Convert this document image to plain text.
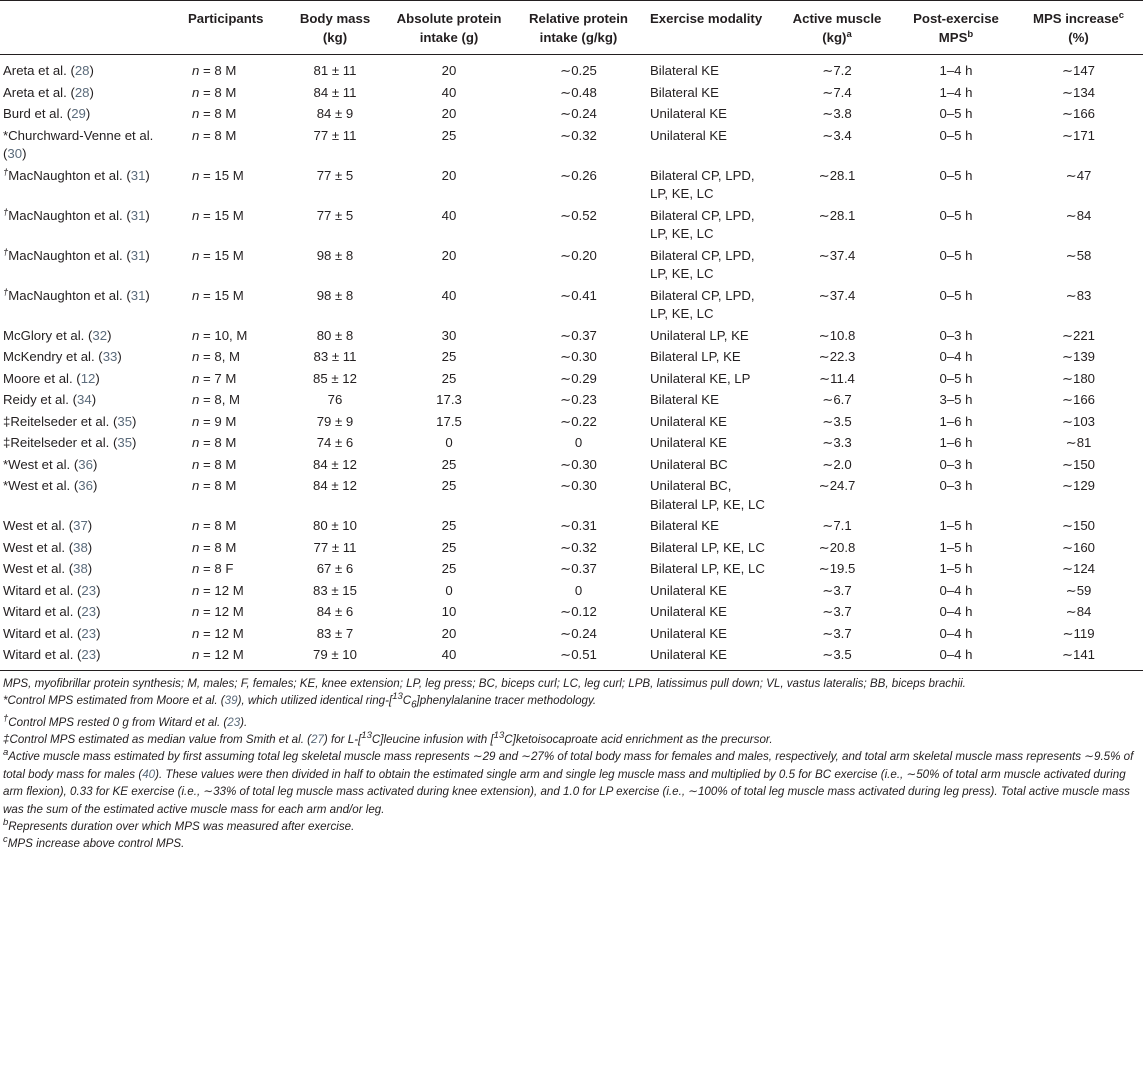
	Participants	Body mass (kg)	Absolute protein intake (g)	Relative protein intake (g/kg)	Exercise modality	Active muscle (kg)$^a$	Post-exercise MPS$^b$	MPS increase$^c$
(%)
Areta et al. (28)	n = 8 M	81 ± 11	20	∼0.25	Bilateral KE	∼7.2	1–4 h	∼147
Areta et al. (28)	n = 8 M	84 ± 11	40	∼0.48	Bilateral KE	∼7.4	1–4 h	∼134
Burd et al. (29)	n = 8 M	84 ± 9	20	∼0.24	Unilateral KE	∼3.8	0–5 h	∼166
*Churchward-Venne et al. (30)	n = 8 M	77 ± 11	25	∼0.32	Unilateral KE	∼3.4	0–5 h	∼171
†MacNaughton et al. (31)	n = 15 M	77 ± 5	20	∼0.26	Bilateral CP, LPD, LP, KE, LC	∼28.1	0–5 h	∼47
†MacNaughton et al. (31)	n = 15 M	77 ± 5	40	∼0.52	Bilateral CP, LPD, LP, KE, LC	∼28.1	0–5 h	∼84
†MacNaughton et al. (31)	n = 15 M	98 ± 8	20	∼0.20	Bilateral CP, LPD, LP, KE, LC	∼37.4	0–5 h	∼58
†MacNaughton et al. (31)	n = 15 M	98 ± 8	40	∼0.41	Bilateral CP, LPD, LP, KE, LC	∼37.4	0–5 h	∼83
McGlory et al. (32)	n = 10, M	80 ± 8	30	∼0.37	Unilateral LP, KE	∼10.8	0–3 h	∼221
McKendry et al. (33)	n = 8, M	83 ± 11	25	∼0.30	Bilateral LP, KE	∼22.3	0–4 h	∼139
Moore et al. (12)	n = 7 M	85 ± 12	25	∼0.29	Unilateral KE, LP	∼11.4	0–5 h	∼180
Reidy et al. (34)	n = 8, M	76	17.3	∼0.23	Bilateral KE	∼6.7	3–5 h	∼166
‡Reitelseder et al. (35)	n = 9 M	79 ± 9	17.5	∼0.22	Unilateral KE	∼3.5	1–6 h	∼103
‡Reitelseder et al. (35)	n = 8 M	74 ± 6	0	0	Unilateral KE	∼3.3	1–6 h	∼81
*West et al. (36)	n = 8 M	84 ± 12	25	∼0.30	Unilateral BC	∼2.0	0–3 h	∼150
*West et al. (36)	n = 8 M	84 ± 12	25	∼0.30	Unilateral BC, Bilateral LP, KE, LC	∼24.7	0–3 h	∼129
West et al. (37)	n = 8 M	80 ± 10	25	∼0.31	Bilateral KE	∼7.1	1–5 h	∼150
West et al. (38)	n = 8 M	77 ± 11	25	∼0.32	Bilateral LP, KE, LC	∼20.8	1–5 h	∼160
West et al. (38)	n = 8 F	67 ± 6	25	∼0.37	Bilateral LP, KE, LC	∼19.5	1–5 h	∼124
Witard et al. (23)	n = 12 M	83 ± 15	0	0	Unilateral KE	∼3.7	0–4 h	∼59
Witard et al. (23)	n = 12 M	84 ± 6	10	∼0.12	Unilateral KE	∼3.7	0–4 h	∼84
Witard et al. (23)	n = 12 M	83 ± 7	20	∼0.24	Unilateral KE	∼3.7	0–4 h	∼119
Witard et al. (23)	n = 12 M	79 ± 10	40	∼0.51	Unilateral KE	∼3.5	0–4 h	∼141
MPS, myofibrillar protein synthesis; M, males; F, females; KE, knee extension; LP, leg press; BC, biceps curl; LC, leg curl; LPB, latissimus pull down; VL, vastus lateralis; BB, biceps brachii.
*Control MPS estimated from Moore et al. (39), which utilized identical ring-$[^{13}C_6]phenylalanine$ tracer methodology.
†Control MPS rested 0 g from Witard et al. (23).
‡Control MPS estimated as median value from Smith et al. (27) for L-[$^{13}$C]leucine infusion with [$^{13}$C]ketoisocaproate acid enrichment as the precursor.
$^a$Active muscle mass estimated by first assuming total leg skeletal muscle mass represents ∼29 and ∼27% of total body mass for females and males, respectively, and total arm skeletal muscle mass represents ∼9.5% of total body mass for males (40). These values were then divided in half to obtain the estimated single arm and single leg muscle mass and multiplied by 0.5 for BC exercise (i.e., ∼50% of total arm muscle activated during arm flexion), 0.33 for KE exercise (i.e., ∼33% of total leg muscle mass activated during knee extension), and 1.0 for LP exercise (i.e., ∼100% of total leg muscle mass activated during leg press). Total active muscle mass was the sum of the estimated active muscle mass for each arm and/or leg.
$^b$Represents duration over which MPS was measured after exercise.
$^c$MPS increase above control MPS.
